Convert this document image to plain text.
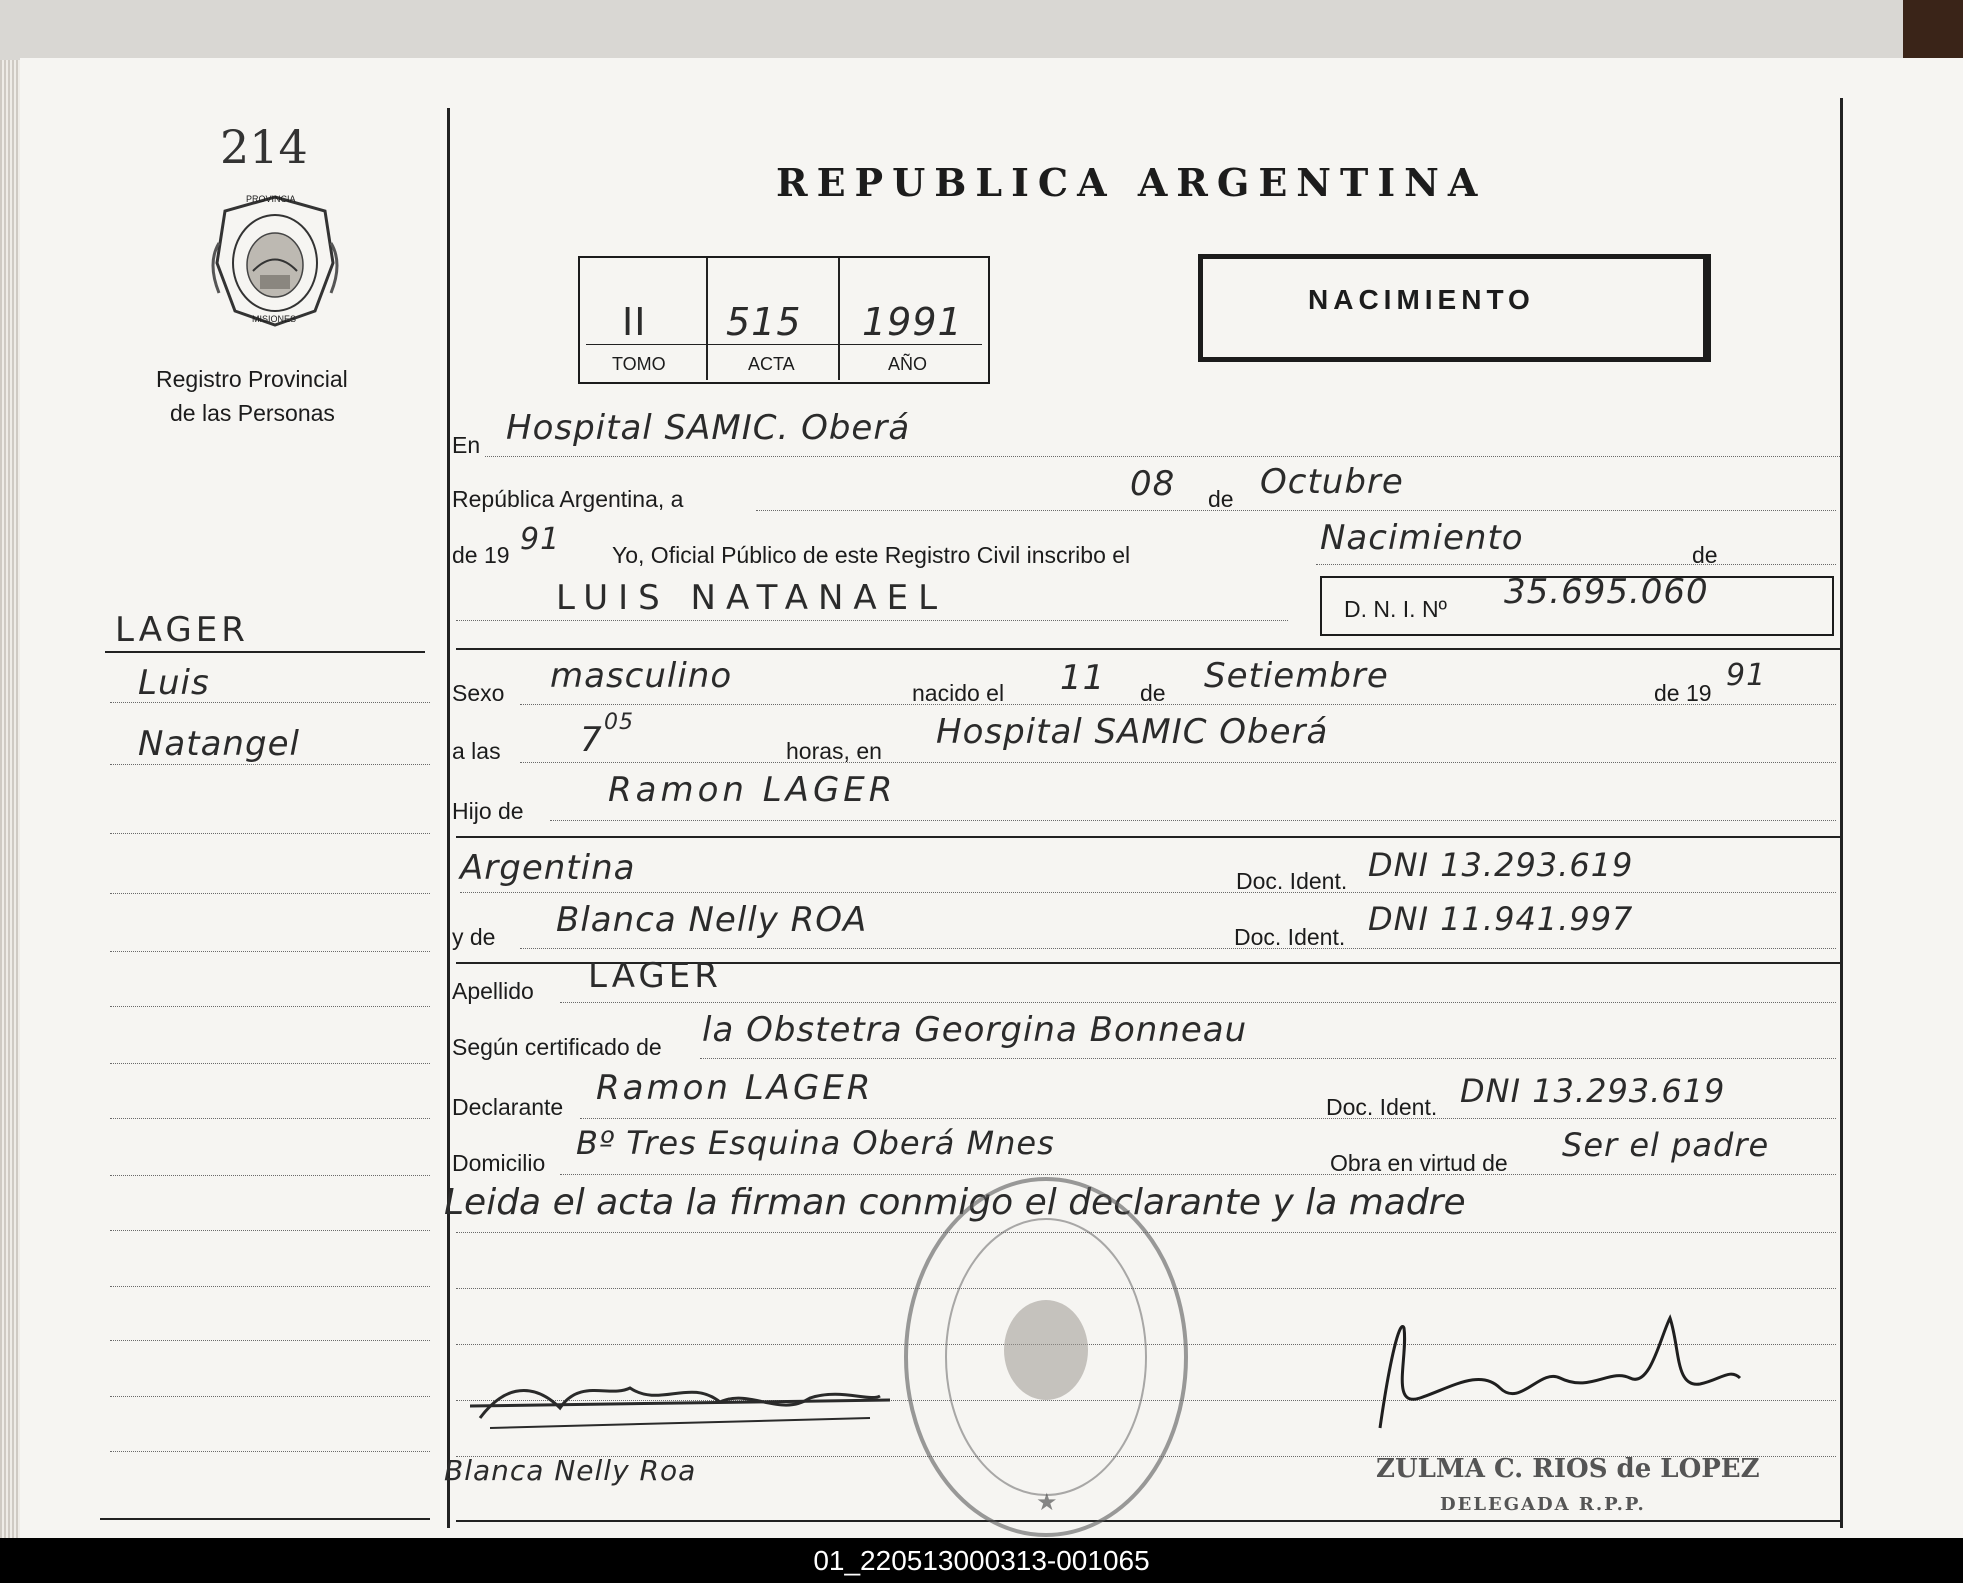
214
PROVINCIA
MISIONES
Registro Provincial
de las Personas
LAGER
Luis
Natangel
REPUBLICA ARGENTINA
II 515 1991
TOMO	ACTA	AÑO
NACIMIENTO
En Hospital SAMIC. Oberá
República Argentina, a	08 de Octubre
de 19 91 Yo, Oficial Público de este Registro Civil inscribo el	Nacimiento	de
LUIS NATANAEL	D. N. I. Nº 35.695.060
Sexo masculino	nacido el 11 de Setiembre	de 19 91
a las 7 05
horas, en Hospital SAMIC Oberá
Hijo de
Ramon LAGER
Argentina	Doc. Ident. DNI 13.293.619
y de Blanca Nelly ROA	Doc. Ident. DNI 11.941.997
Apellido LAGER
Según certificado de la Obstetra Georgina Bonneau
Declarante Ramon LAGER	Doc. Ident. DNI 13.293.619
Domicilio
Bº Tres Esquina Oberá Mnes
Obra en virtud de Ser el padre
Leida el acta la firman conmigo el declarante y la madre
★
Blanca Nelly Roa	ZULMA C. RIOS de LOPEZ
DELEGADA R.P.P.
01_220513000313-001065
